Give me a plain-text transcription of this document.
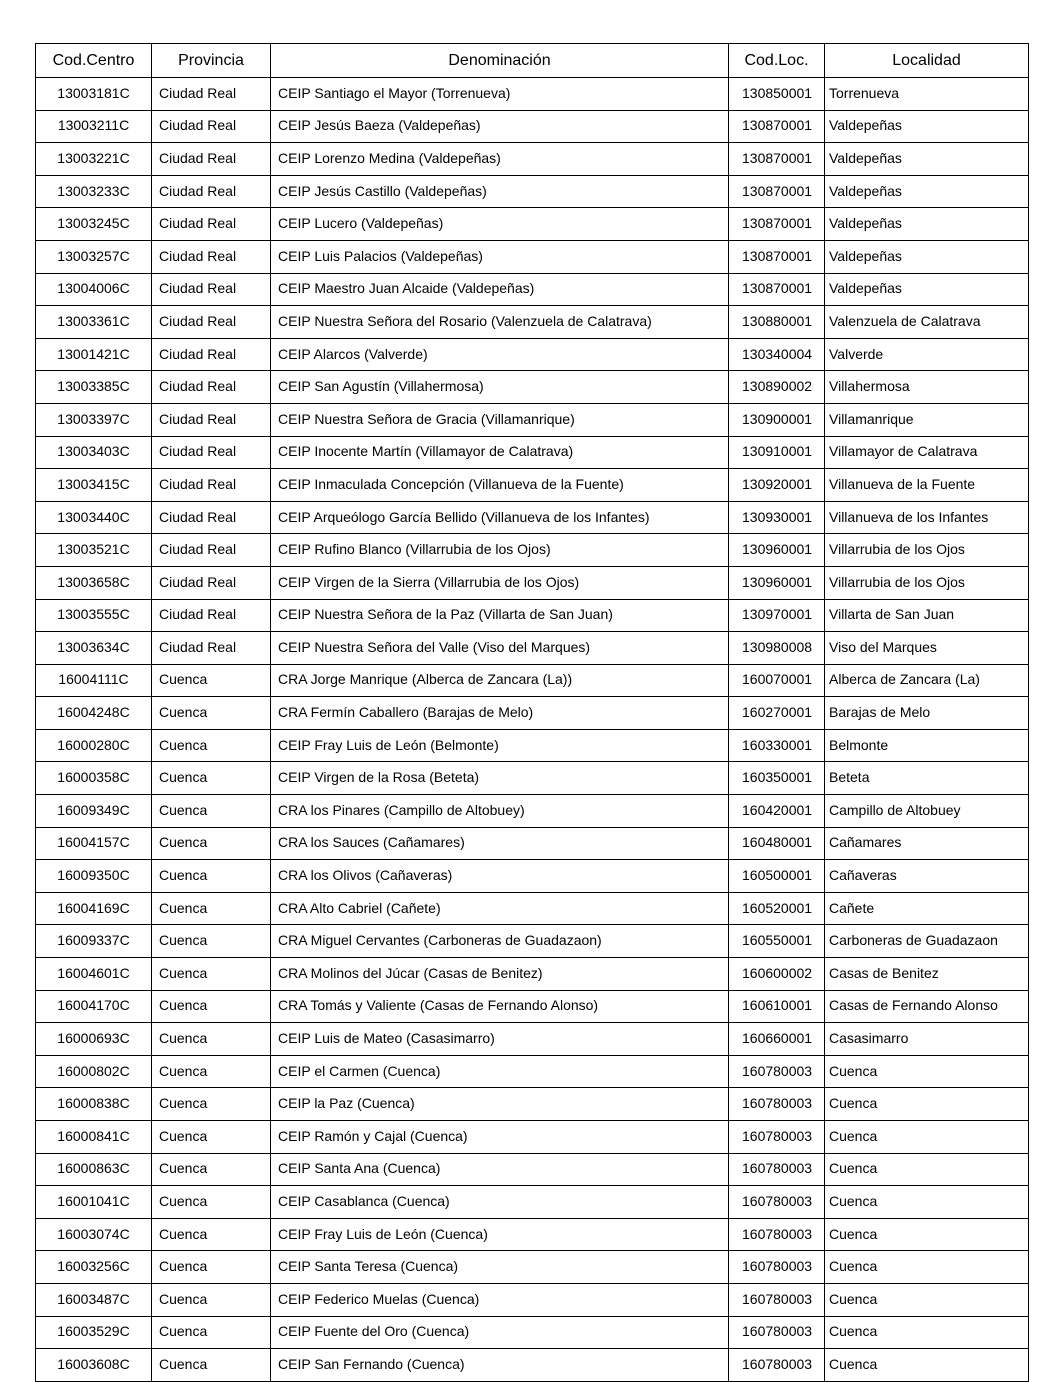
Cod.Centro	Provincia	Denominación	Cod.Loc.	Localidad
13003181C	Ciudad Real	CEIP Santiago el Mayor (Torrenueva)	130850001	Torrenueva
13003211C	Ciudad Real	CEIP Jesús Baeza (Valdepeñas)	130870001	Valdepeñas
13003221C	Ciudad Real	CEIP Lorenzo Medina (Valdepeñas)	130870001	Valdepeñas
13003233C	Ciudad Real	CEIP Jesús Castillo (Valdepeñas)	130870001	Valdepeñas
13003245C	Ciudad Real	CEIP Lucero (Valdepeñas)	130870001	Valdepeñas
13003257C	Ciudad Real	CEIP Luis Palacios (Valdepeñas)	130870001	Valdepeñas
13004006C	Ciudad Real	CEIP Maestro Juan Alcaide (Valdepeñas)	130870001	Valdepeñas
13003361C	Ciudad Real	CEIP Nuestra Señora del Rosario (Valenzuela de Calatrava)	130880001	Valenzuela de Calatrava
13001421C	Ciudad Real	CEIP Alarcos (Valverde)	130340004	Valverde
13003385C	Ciudad Real	CEIP San Agustín (Villahermosa)	130890002	Villahermosa
13003397C	Ciudad Real	CEIP Nuestra Señora de Gracia (Villamanrique)	130900001	Villamanrique
13003403C	Ciudad Real	CEIP Inocente Martín (Villamayor de Calatrava)	130910001	Villamayor de Calatrava
13003415C	Ciudad Real	CEIP Inmaculada Concepción (Villanueva de la Fuente)	130920001	Villanueva de la Fuente
13003440C	Ciudad Real	CEIP Arqueólogo García Bellido (Villanueva de los Infantes)	130930001	Villanueva de los Infantes
13003521C	Ciudad Real	CEIP Rufino Blanco (Villarrubia de los Ojos)	130960001	Villarrubia de los Ojos
13003658C	Ciudad Real	CEIP Virgen de la Sierra (Villarrubia de los Ojos)	130960001	Villarrubia de los Ojos
13003555C	Ciudad Real	CEIP Nuestra Señora de la Paz (Villarta de San Juan)	130970001	Villarta de San Juan
13003634C	Ciudad Real	CEIP Nuestra Señora del Valle (Viso del Marques)	130980008	Viso del Marques
16004111C	Cuenca	CRA Jorge Manrique (Alberca de Zancara (La))	160070001	Alberca de Zancara (La)
16004248C	Cuenca	CRA Fermín Caballero (Barajas de Melo)	160270001	Barajas de Melo
16000280C	Cuenca	CEIP Fray Luis de León (Belmonte)	160330001	Belmonte
16000358C	Cuenca	CEIP Virgen de la Rosa (Beteta)	160350001	Beteta
16009349C	Cuenca	CRA los Pinares (Campillo de Altobuey)	160420001	Campillo de Altobuey
16004157C	Cuenca	CRA los Sauces (Cañamares)	160480001	Cañamares
16009350C	Cuenca	CRA los Olivos (Cañaveras)	160500001	Cañaveras
16004169C	Cuenca	CRA Alto Cabriel (Cañete)	160520001	Cañete
16009337C	Cuenca	CRA Miguel Cervantes (Carboneras de Guadazaon)	160550001	Carboneras de Guadazaon
16004601C	Cuenca	CRA Molinos del Júcar (Casas de Benitez)	160600002	Casas de Benitez
16004170C	Cuenca	CRA Tomás y Valiente (Casas de Fernando Alonso)	160610001	Casas de Fernando Alonso
16000693C	Cuenca	CEIP Luis de Mateo (Casasimarro)	160660001	Casasimarro
16000802C	Cuenca	CEIP el Carmen (Cuenca)	160780003	Cuenca
16000838C	Cuenca	CEIP la Paz (Cuenca)	160780003	Cuenca
16000841C	Cuenca	CEIP Ramón y Cajal (Cuenca)	160780003	Cuenca
16000863C	Cuenca	CEIP Santa Ana (Cuenca)	160780003	Cuenca
16001041C	Cuenca	CEIP Casablanca (Cuenca)	160780003	Cuenca
16003074C	Cuenca	CEIP Fray Luis de León (Cuenca)	160780003	Cuenca
16003256C	Cuenca	CEIP Santa Teresa (Cuenca)	160780003	Cuenca
16003487C	Cuenca	CEIP Federico Muelas (Cuenca)	160780003	Cuenca
16003529C	Cuenca	CEIP Fuente del Oro (Cuenca)	160780003	Cuenca
16003608C	Cuenca	CEIP San Fernando (Cuenca)	160780003	Cuenca
